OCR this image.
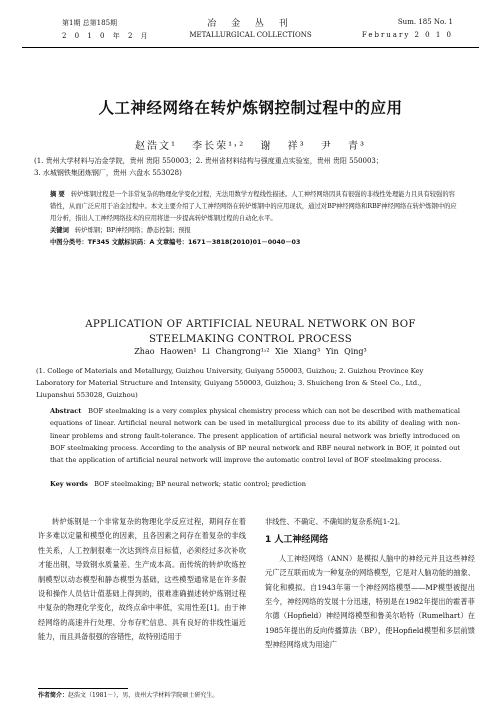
第1期 总第185期	冶 金 丛 刊	Sum. 185 No. 1
2 0 1 0 年 2 月	METALLURGICAL COLLECTIONS	February 2 0 1 0
人工神经网络在转炉炼钢控制过程中的应用
赵浩文¹ 李长荣¹˒² 谢 祥³ 尹 青³
(1. 贵州大学材料与冶金学院，贵州 贵阳 550003；2. 贵州省材料结构与强度重点实验室，贵州 贵阳 550003；
3. 水城钢铁集团炼钢厂，贵州 六盘水 553028)
摘 要 转炉炼钢过程是一个非常复杂的物理化学变化过程，无法用数学方程线性描述。人工神经网络因具有很强的非线性处理能力且具有较强的容错性，从而广泛应用于冶金过程中。本文主要介绍了人工神经网络在转炉炼钢中的应用现状，通过对BP神经网络和RBF神经网络在转炉炼钢中的应用分析，指出人工神经网络技术的应用将进一步提高转炉炼钢过程的自动化水平。
关键词 转炉炼钢；BP神经网络；静态控制；预报
中图分类号：TF345 文献标识码：A 文章编号：1671－3818(2010)01－0040－03
APPLICATION OF ARTIFICIAL NEURAL NETWORK ON BOF
STEELMAKING CONTROL PROCESS
Zhao Haowen¹ Li Changrong¹˒² Xie Xiang³ Yin Qing³
(1. College of Materials and Metallurgy, Guizhou University, Guiyang 550003, Guizhou; 2. Guizhou Province Key
Laboratory for Material Structure and Intensity, Guiyang 550003, Guizhou; 3. Shuicheng Iron & Steel Co., Ltd.,
Liupanshui 553028, Guizhou)
Abstract BOF steelmaking is a very complex physical chemistry process which can not be described with mathematical equations of linear. Artificial neural network can be used in metallurgical process due to its ability of dealing with non-linear problems and strong fault-tolerance. The present application of artificial neural network was briefly introduced on BOF steelmaking process. According to the analysis of BP neural network and RBF neural network in BOF, it pointed out that the application of artificial neural network will improve the automatic control level of BOF steelmaking process.
Key words BOF steelmaking; BP neural network; static control; prediction
转炉炼钢是一个非常复杂的物理化学反应过程，期间存在着许多难以定量和模型化的因素，且各因素之间存在着复杂的非线性关系，人工控制很难一次达到终点目标值，必须经过多次补吹才能出钢，导致钢水质量差、生产成本高。而传统的转炉吹炼控制模型以动态模型和静态模型为基础，这些模型通常是在许多假设和操作人员估计值基础上得到的，很难准确描述转炉炼钢过程中复杂的物理化学变化，故终点命中率低，实用性差[1]。由于神经网络的高速并行处理、分布存贮信息、具有良好的非线性逼近能力，而且具备很强的容错性，故特别适用于
非线性、不确定、不确知的复杂系统[1-2]。
1 人工神经网络
人工神经网络（ANN）是模拟人脑中的神经元并且这些神经元广泛互联而成为一种复杂的网络模型，它是对人脑功能的抽象、简化和模拟。自1943年第一个神经网络模型——MP模型被提出至今，神经网络的发展十分迅速，特别是在1982年提出的霍普菲尔德（Hopfield）神经网络模型和鲁美尔哈特（Rumelhart）在1985年提出的反向传播算法（BP），使Hopfield模型和多层前馈型神经网络成为用途广
作者简介：赵浩文（1981－），男，贵州大学材料学院硕士研究生。
